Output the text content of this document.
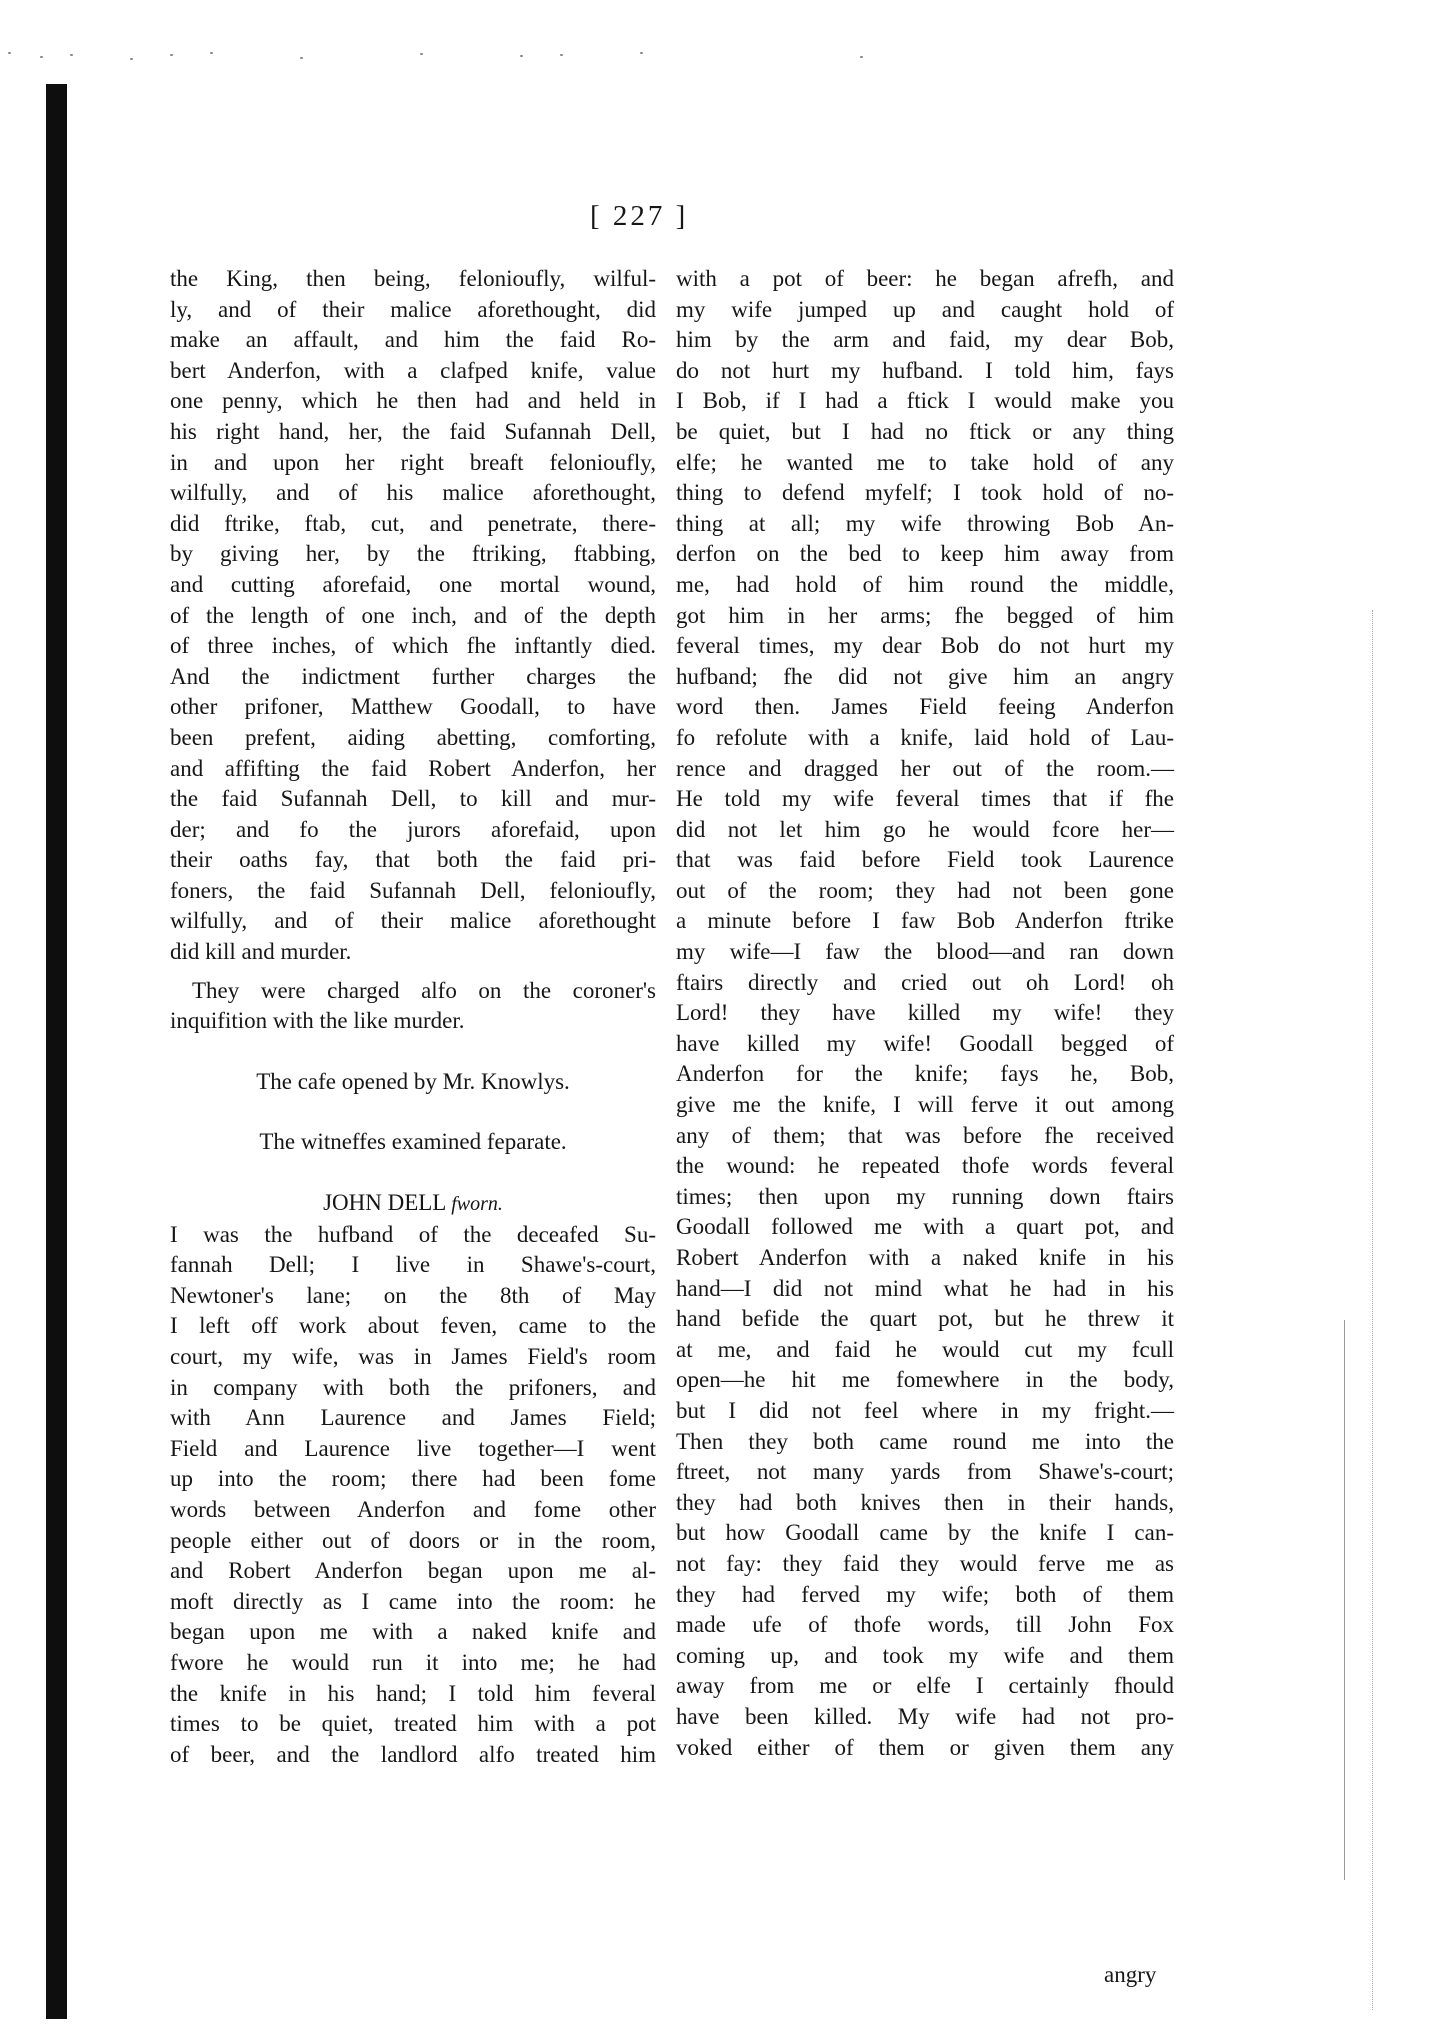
[ 227 ]
the King, then being, felonioufly, wilful-
ly, and of their malice aforethought, did
make an affault, and him the faid Ro-
bert Anderfon, with a clafped knife, value
one penny, which he then had and held in
his right hand, her, the faid Sufannah Dell,
in and upon her right breaft felonioufly,
wilfully, and of his malice aforethought,
did ftrike, ftab, cut, and penetrate, there-
by giving her, by the ftriking, ftabbing,
and cutting aforefaid, one mortal wound,
of the length of one inch, and of the depth
of three inches, of which fhe inftantly died.
And the indictment further charges the
other prifoner, Matthew Goodall, to have
been prefent, aiding abetting, comforting,
and affifting the faid Robert Anderfon, her
the faid Sufannah Dell, to kill and mur-
der; and fo the jurors aforefaid, upon
their oaths fay, that both the faid pri-
foners, the faid Sufannah Dell, felonioufly,
wilfully, and of their malice aforethought
did kill and murder.
They were charged alfo on the coroner's
inquifition with the like murder.
The cafe opened by Mr. Knowlys.
The witneffes examined feparate.
JOHN DELL fworn.
I was the hufband of the deceafed Su-
fannah Dell; I live in Shawe's-court,
Newtoner's lane; on the 8th of May
I left off work about feven, came to the
court, my wife, was in James Field's room
in company with both the prifoners, and
with Ann Laurence and James Field;
Field and Laurence live together—I went
up into the room; there had been fome
words between Anderfon and fome other
people either out of doors or in the room,
and Robert Anderfon began upon me al-
moft directly as I came into the room: he
began upon me with a naked knife and
fwore he would run it into me; he had
the knife in his hand; I told him feveral
times to be quiet, treated him with a pot
of beer, and the landlord alfo treated him
with a pot of beer: he began afrefh, and
my wife jumped up and caught hold of
him by the arm and faid, my dear Bob,
do not hurt my hufband. I told him, fays
I Bob, if I had a ftick I would make you
be quiet, but I had no ftick or any thing
elfe; he wanted me to take hold of any
thing to defend myfelf; I took hold of no-
thing at all; my wife throwing Bob An-
derfon on the bed to keep him away from
me, had hold of him round the middle,
got him in her arms; fhe begged of him
feveral times, my dear Bob do not hurt my
hufband; fhe did not give him an angry
word then. James Field feeing Anderfon
fo refolute with a knife, laid hold of Lau-
rence and dragged her out of the room.—
He told my wife feveral times that if fhe
did not let him go he would fcore her—
that was faid before Field took Laurence
out of the room; they had not been gone
a minute before I faw Bob Anderfon ftrike
my wife—I faw the blood—and ran down
ftairs directly and cried out oh Lord! oh
Lord! they have killed my wife! they
have killed my wife! Goodall begged of
Anderfon for the knife; fays he, Bob,
give me the knife, I will ferve it out among
any of them; that was before fhe received
the wound: he repeated thofe words feveral
times; then upon my running down ftairs
Goodall followed me with a quart pot, and
Robert Anderfon with a naked knife in his
hand—I did not mind what he had in his
hand befide the quart pot, but he threw it
at me, and faid he would cut my fcull
open—he hit me fomewhere in the body,
but I did not feel where in my fright.—
Then they both came round me into the
ftreet, not many yards from Shawe's-court;
they had both knives then in their hands,
but how Goodall came by the knife I can-
not fay: they faid they would ferve me as
they had ferved my wife; both of them
made ufe of thofe words, till John Fox
coming up, and took my wife and them
away from me or elfe I certainly fhould
have been killed. My wife had not pro-
voked either of them or given them any
angry
